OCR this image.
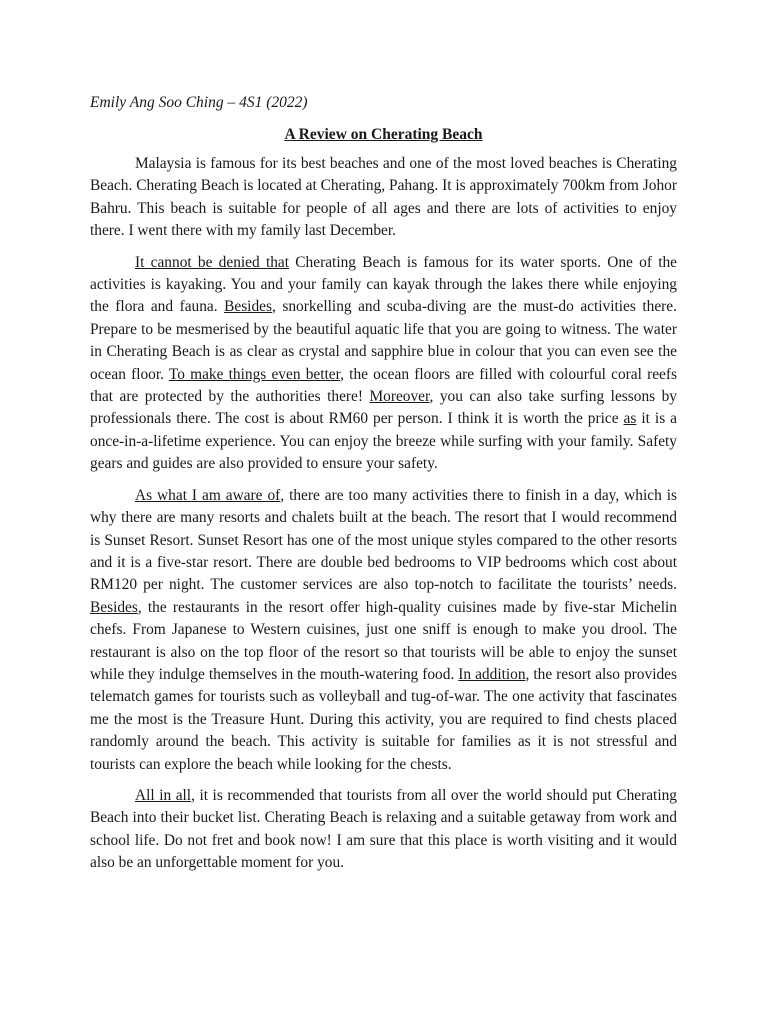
Emily Ang Soo Ching – 4S1 (2022)

A Review on Cherating Beach

Malaysia is famous for its best beaches and one of the most loved beaches is Cherating Beach. Cherating Beach is located at Cherating, Pahang. It is approximately 700km from Johor Bahru. This beach is suitable for people of all ages and there are lots of activities to enjoy there. I went there with my family last December.

It cannot be denied that Cherating Beach is famous for its water sports. One of the activities is kayaking. You and your family can kayak through the lakes there while enjoying the flora and fauna. Besides, snorkelling and scuba-diving are the must-do activities there. Prepare to be mesmerised by the beautiful aquatic life that you are going to witness. The water in Cherating Beach is as clear as crystal and sapphire blue in colour that you can even see the ocean floor. To make things even better, the ocean floors are filled with colourful coral reefs that are protected by the authorities there! Moreover, you can also take surfing lessons by professionals there. The cost is about RM60 per person. I think it is worth the price as it is a once-in-a-lifetime experience. You can enjoy the breeze while surfing with your family. Safety gears and guides are also provided to ensure your safety.

As what I am aware of, there are too many activities there to finish in a day, which is why there are many resorts and chalets built at the beach. The resort that I would recommend is Sunset Resort. Sunset Resort has one of the most unique styles compared to the other resorts and it is a five-star resort. There are double bed bedrooms to VIP bedrooms which cost about RM120 per night. The customer services are also top-notch to facilitate the tourists’ needs. Besides, the restaurants in the resort offer high-quality cuisines made by five-star Michelin chefs. From Japanese to Western cuisines, just one sniff is enough to make you drool. The restaurant is also on the top floor of the resort so that tourists will be able to enjoy the sunset while they indulge themselves in the mouth-watering food. In addition, the resort also provides telematch games for tourists such as volleyball and tug-of-war. The one activity that fascinates me the most is the Treasure Hunt. During this activity, you are required to find chests placed randomly around the beach. This activity is suitable for families as it is not stressful and tourists can explore the beach while looking for the chests.

All in all, it is recommended that tourists from all over the world should put Cherating Beach into their bucket list. Cherating Beach is relaxing and a suitable getaway from work and school life. Do not fret and book now! I am sure that this place is worth visiting and it would also be an unforgettable moment for you.
